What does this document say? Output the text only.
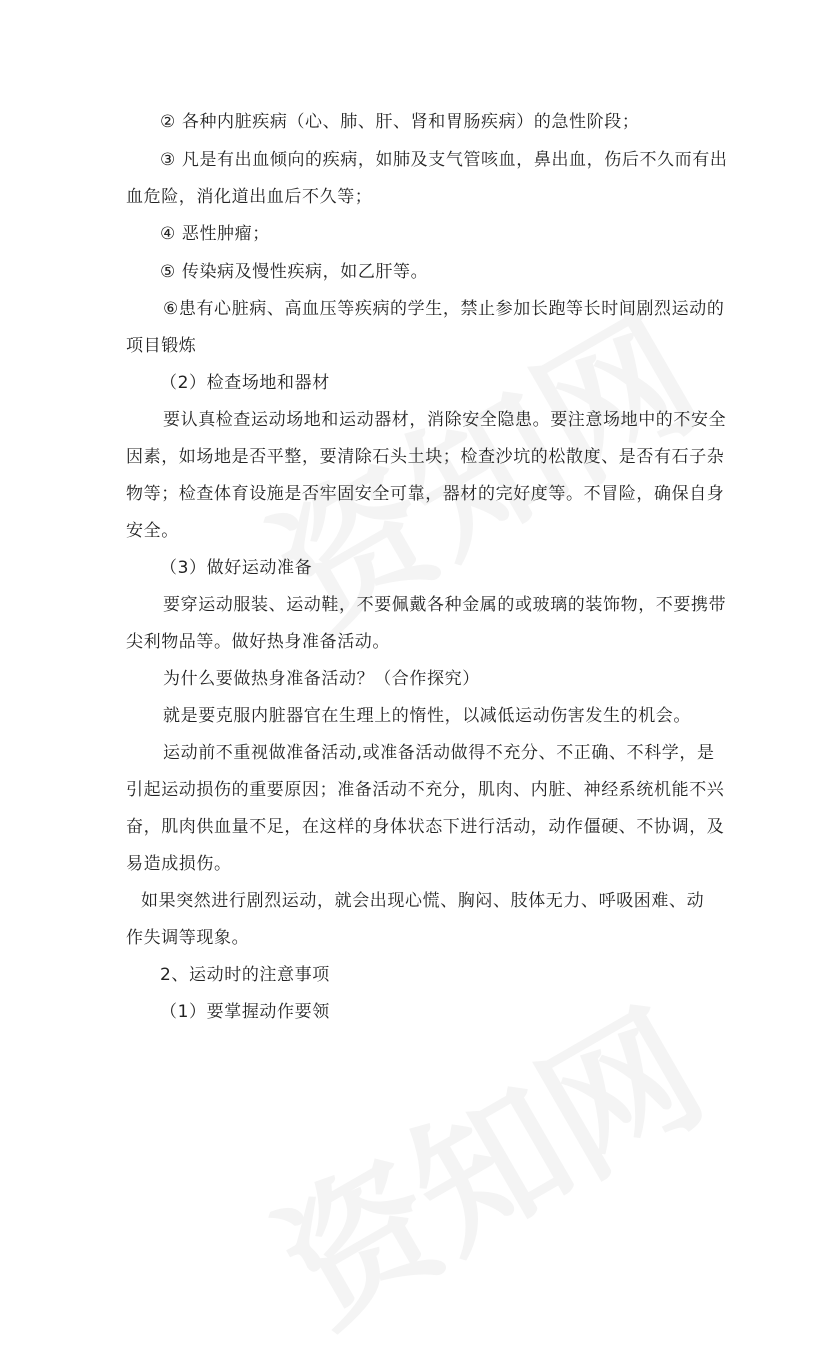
② 各种内脏疾病（心、肺、肝、肾和胃肠疾病）的急性阶段；
③ 凡是有出血倾向的疾病，如肺及支气管咳血，鼻出血，伤后不久而有出
血危险，消化道出血后不久等；
④ 恶性肿瘤；
⑤ 传染病及慢性疾病，如乙肝等。
⑥患有心脏病、高血压等疾病的学生，禁止参加长跑等长时间剧烈运动的
项目锻炼
（2）检查场地和器材
要认真检查运动场地和运动器材，消除安全隐患。要注意场地中的不安全
因素，如场地是否平整，要清除石头土块；检查沙坑的松散度、是否有石子杂
物等；检查体育设施是否牢固安全可靠，器材的完好度等。不冒险，确保自身
安全。
（3）做好运动准备
要穿运动服装、运动鞋，不要佩戴各种金属的或玻璃的装饰物，不要携带
尖利物品等。做好热身准备活动。
为什么要做热身准备活动？（合作探究）
就是要克服内脏器官在生理上的惰性，以减低运动伤害发生的机会。
运动前不重视做准备活动,或准备活动做得不充分、不正确、不科学，是
引起运动损伤的重要原因；准备活动不充分，肌肉、内脏、神经系统机能不兴
奋，肌肉供血量不足，在这样的身体状态下进行活动，动作僵硬、不协调，及
易造成损伤。
如果突然进行剧烈运动，就会出现心慌、胸闷、肢体无力、呼吸困难、动
作失调等现象。
2、运动时的注意事项
（1）要掌握动作要领
